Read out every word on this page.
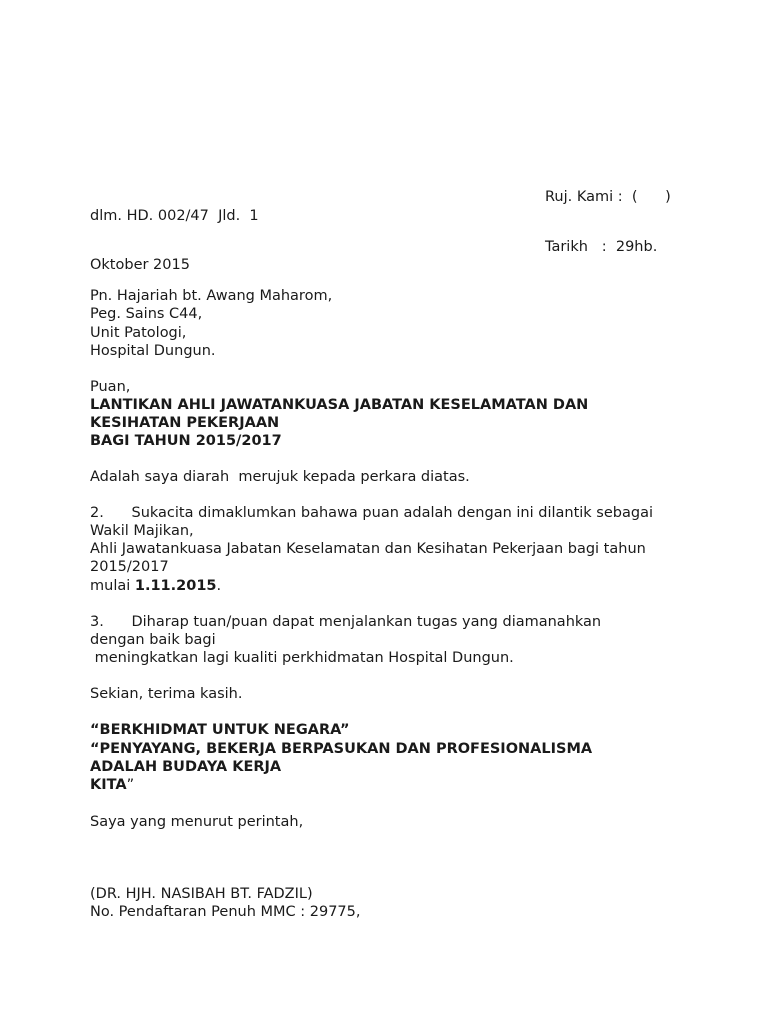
Ruj. Kami :  (      )
dlm. HD. 002/47  Jld.  1
Tarikh   :  29hb.
Oktober 2015
Pn. Hajariah bt. Awang Maharom,
Peg. Sains C44,
Unit Patologi,
Hospital Dungun.
Puan,
LANTIKAN AHLI JAWATANKUASA JABATAN KESELAMATAN DAN
KESIHATAN PEKERJAAN
BAGI TAHUN 2015/2017
Adalah saya diarah  merujuk kepada perkara diatas.
2.      Sukacita dimaklumkan bahawa puan adalah dengan ini dilantik sebagai
Wakil Majikan,
Ahli Jawatankuasa Jabatan Keselamatan dan Kesihatan Pekerjaan bagi tahun
2015/2017
mulai 1.11.2015.
3.      Diharap tuan/puan dapat menjalankan tugas yang diamanahkan
dengan baik bagi
meningkatkan lagi kualiti perkhidmatan Hospital Dungun.
Sekian, terima kasih.
“BERKHIDMAT UNTUK NEGARA”
“PENYAYANG, BEKERJA BERPASUKAN DAN PROFESIONALISMA
ADALAH BUDAYA KERJA
KITA”
Saya yang menurut perintah,
(DR. HJH. NASIBAH BT. FADZIL)
No. Pendaftaran Penuh MMC : 29775,
